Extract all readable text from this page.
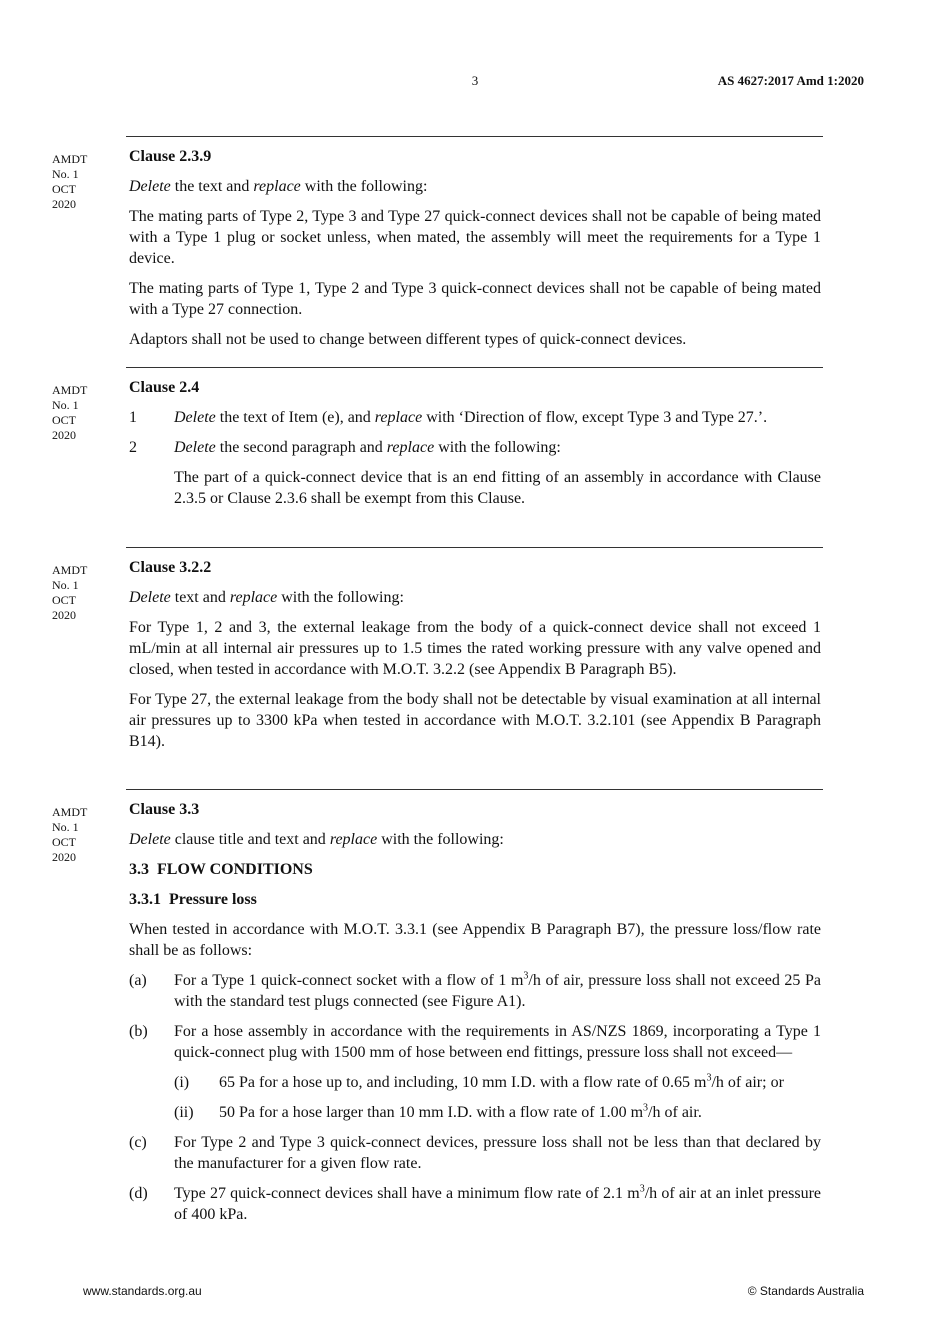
3	AS 4627:2017 Amd 1:2020
AMDT
No. 1
OCT
2020

Clause 2.3.9

Delete the text and replace with the following:

The mating parts of Type 2, Type 3 and Type 27 quick-connect devices shall not be capable of being mated with a Type 1 plug or socket unless, when mated, the assembly will meet the requirements for a Type 1 device.

The mating parts of Type 1, Type 2 and Type 3 quick-connect devices shall not be capable of being mated with a Type 27 connection.

Adaptors shall not be used to change between different types of quick-connect devices.

AMDT
No. 1
OCT
2020

Clause 2.4

1 Delete the text of Item (e), and replace with ‘Direction of flow, except Type 3 and Type 27.’.
2 Delete the second paragraph and replace with the following:

The part of a quick-connect device that is an end fitting of an assembly in accordance with Clause 2.3.5 or Clause 2.3.6 shall be exempt from this Clause.

AMDT
No. 1
OCT
2020

Clause 3.2.2

Delete text and replace with the following:

For Type 1, 2 and 3, the external leakage from the body of a quick-connect device shall not exceed 1 mL/min at all internal air pressures up to 1.5 times the rated working pressure with any valve opened and closed, when tested in accordance with M.O.T. 3.2.2 (see Appendix B Paragraph B5).

For Type 27, the external leakage from the body shall not be detectable by visual examination at all internal air pressures up to 3300 kPa when tested in accordance with M.O.T. 3.2.101 (see Appendix B Paragraph B14).

AMDT
No. 1
OCT
2020

Clause 3.3

Delete clause title and text and replace with the following:

3.3  FLOW CONDITIONS

3.3.1  Pressure loss

When tested in accordance with M.O.T. 3.3.1 (see Appendix B Paragraph B7), the pressure loss/flow rate shall be as follows:

(a) For a Type 1 quick-connect socket with a flow of 1 $m^3/h$ of air, pressure loss shall not exceed 25 Pa with the standard test plugs connected (see Figure A1).
(b) For a hose assembly in accordance with the requirements in AS/NZS 1869, incorporating a Type 1 quick-connect plug with 1500 mm of hose between end fittings, pressure loss shall not exceed—
(i) 65 Pa for a hose up to, and including, 10 mm I.D. with a flow rate of 0.65 $m^3/h$ of air; or
(ii) 50 Pa for a hose larger than 10 mm I.D. with a flow rate of 1.00 $m^3/h$ of air.
(c) For Type 2 and Type 3 quick-connect devices, pressure loss shall not be less than that declared by the manufacturer for a given flow rate.
(d) Type 27 quick-connect devices shall have a minimum flow rate of 2.1 $m^3/h$ of air at an inlet pressure of 400 kPa.
www.standards.org.au	© Standards Australia
